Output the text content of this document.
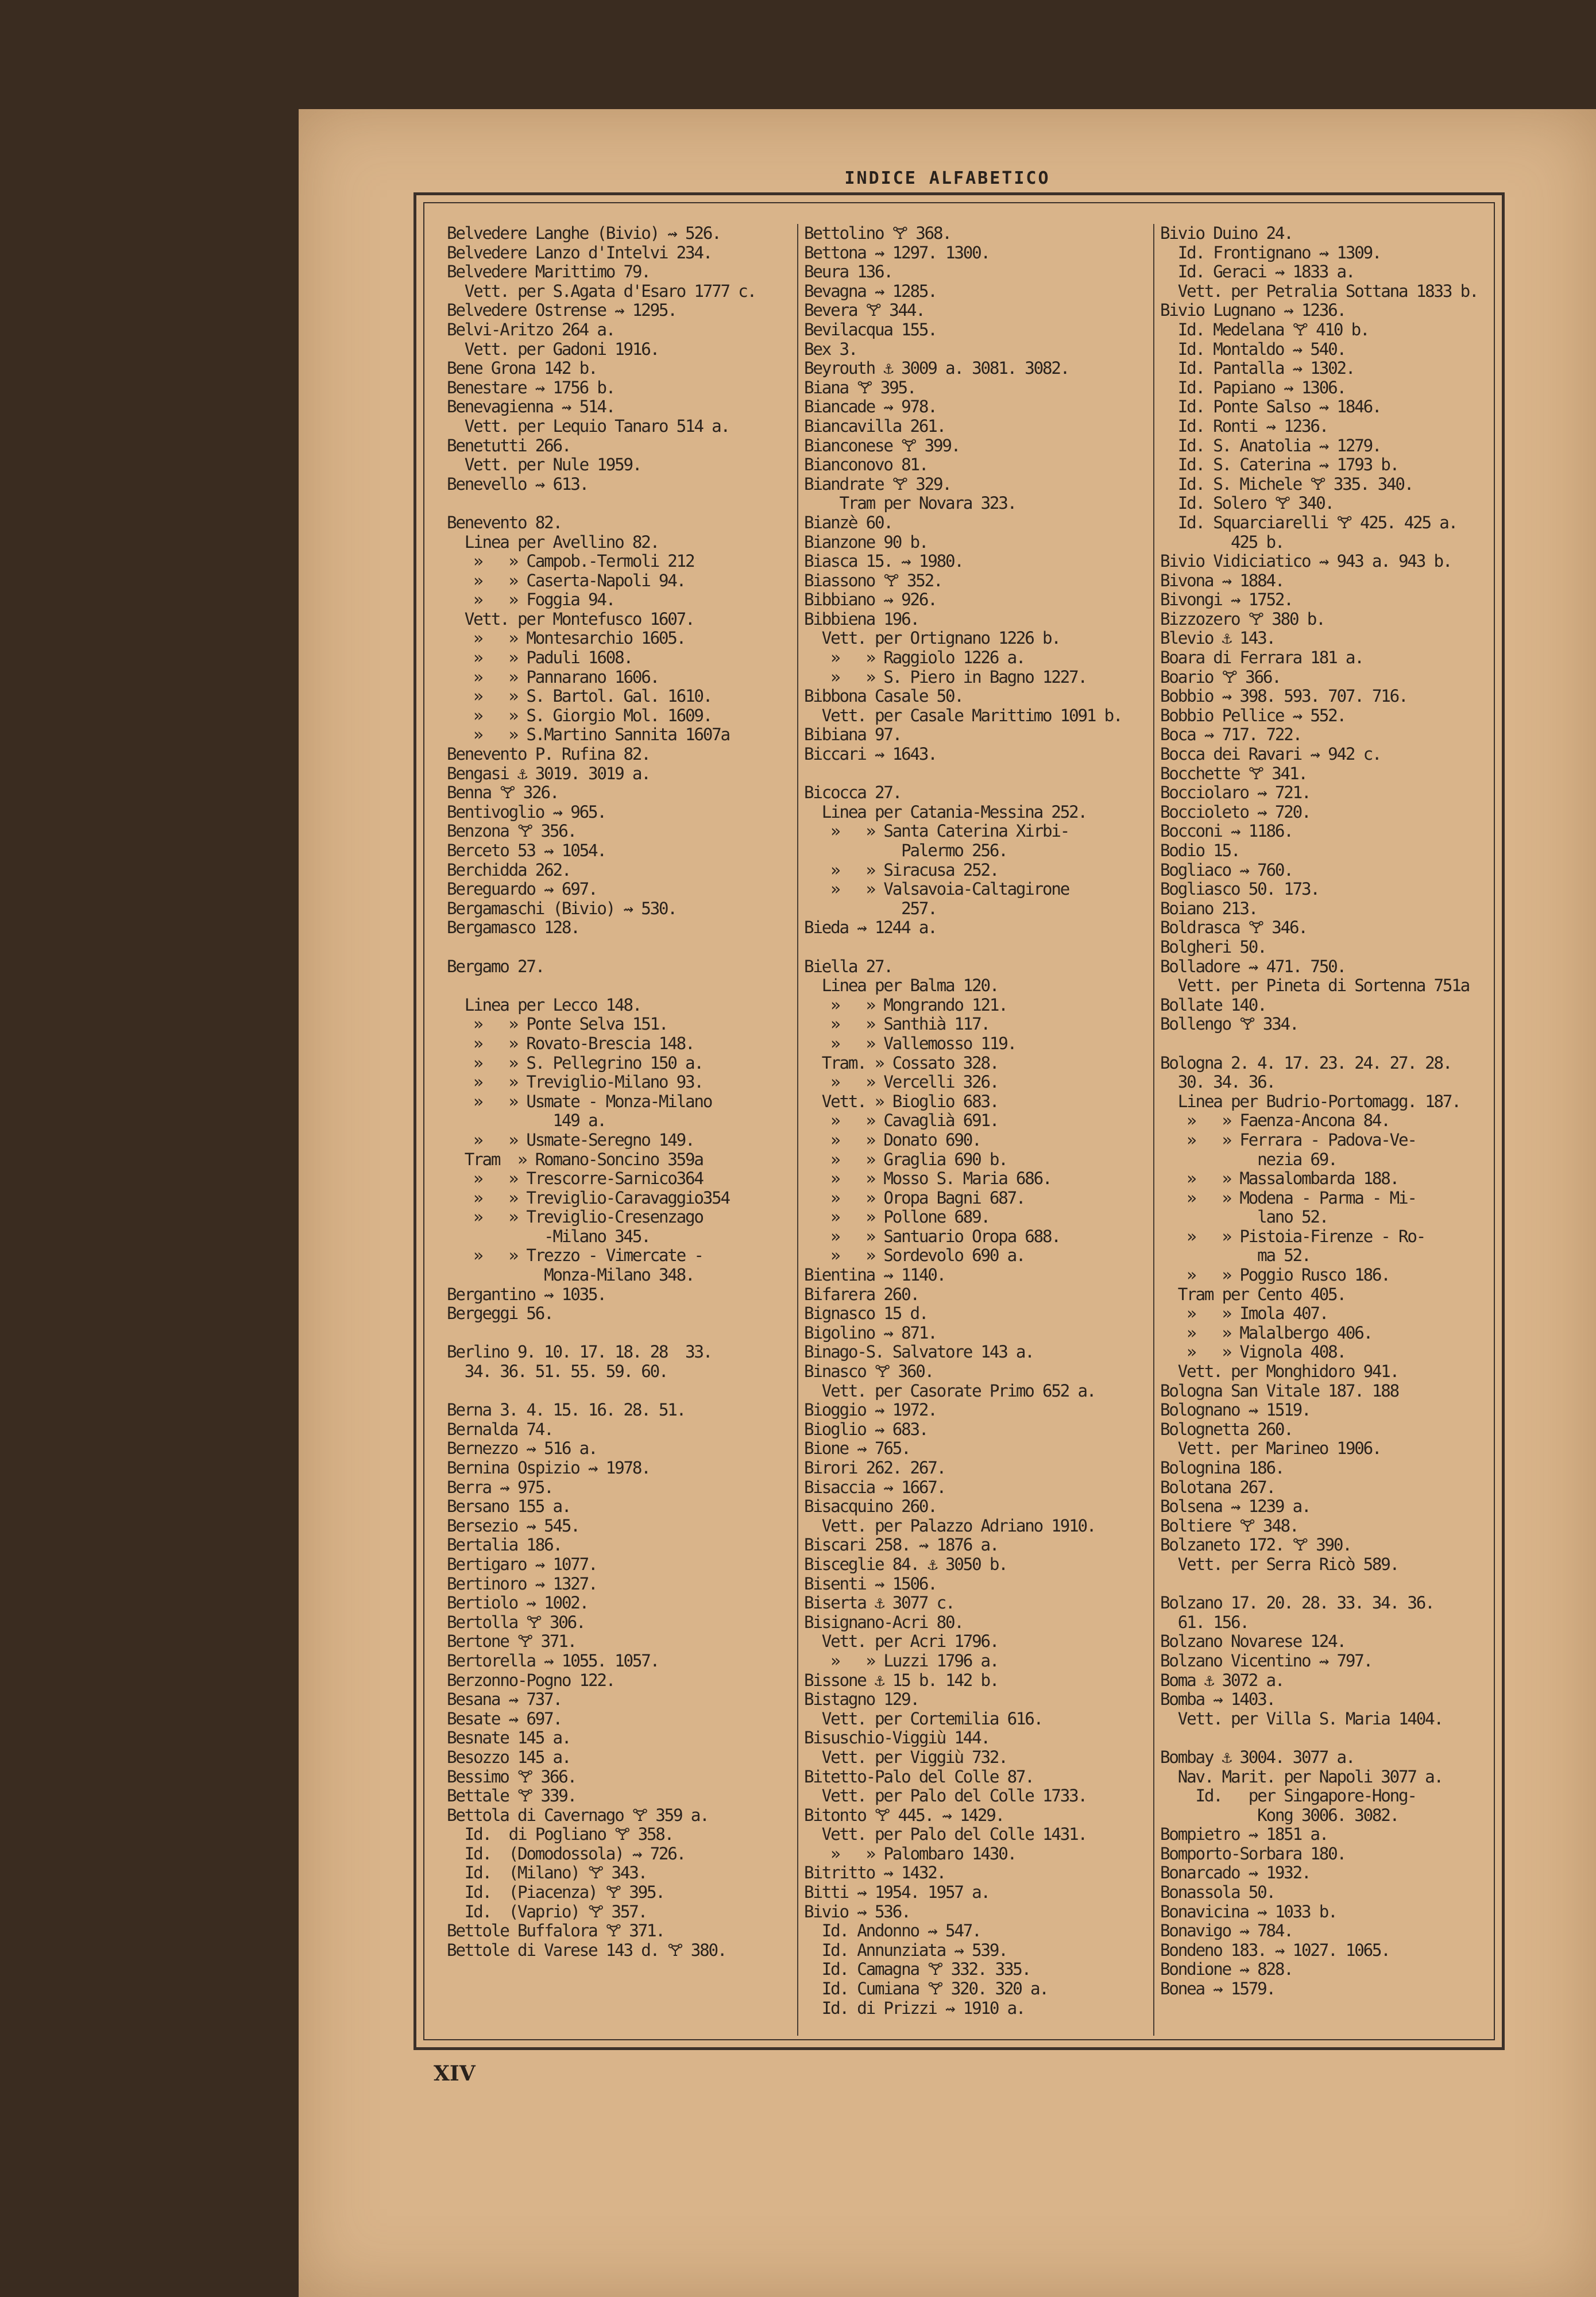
INDICE ALFABETICO
Belvedere Langhe (Bivio) ⇝ 526.
Belvedere Lanzo d'Intelvi 234.
Belvedere Marittimo 79.
Vett. per S.Agata d'Esaro 1777 c.
Belvedere Ostrense ⇝ 1295.
Belvi-Aritzo 264 a.
Vett. per Gadoni 1916.
Bene Grona 142 b.
Benestare ⇝ 1756 b.
Benevagienna ⇝ 514.
Vett. per Lequio Tanaro 514 a.
Benetutti 266.
Vett. per Nule 1959.
Benevello ⇝ 613.
Benevento 82.
Linea per Avellino 82.
»   » Campob.-Termoli 212
»   » Caserta-Napoli 94.
»   » Foggia 94.
Vett. per Montefusco 1607.
»   » Montesarchio 1605.
»   » Paduli 1608.
»   » Pannarano 1606.
»   » S. Bartol. Gal. 1610.
»   » S. Giorgio Mol. 1609.
»   » S.Martino Sannita 1607a
Benevento P. Rufina 82.
Bengasi ⚓ 3019. 3019 a.
Benna 🝖 326.
Bentivoglio ⇝ 965.
Benzona 🝖 356.
Berceto 53 ⇝ 1054.
Berchidda 262.
Bereguardo ⇝ 697.
Bergamaschi (Bivio) ⇝ 530.
Bergamasco 128.
Bergamo 27.
Linea per Lecco 148.
»   » Ponte Selva 151.
»   » Rovato-Brescia 148.
»   » S. Pellegrino 150 a.
»   » Treviglio-Milano 93.
»   » Usmate - Monza-Milano
149 a.
»   » Usmate-Seregno 149.
Tram  » Romano-Soncino 359a
»   » Trescorre-Sarnico364
»   » Treviglio-Caravaggio354
»   » Treviglio-Cresenzago
-Milano 345.
»   » Trezzo - Vimercate -
Monza-Milano 348.
Bergantino ⇝ 1035.
Bergeggi 56.
Berlino 9. 10. 17. 18. 28  33.
34. 36. 51. 55. 59. 60.
Berna 3. 4. 15. 16. 28. 51.
Bernalda 74.
Bernezzo ⇝ 516 a.
Bernina Ospizio ⇝ 1978.
Berra ⇝ 975.
Bersano 155 a.
Bersezio ⇝ 545.
Bertalia 186.
Bertigaro ⇝ 1077.
Bertinoro ⇝ 1327.
Bertiolo ⇝ 1002.
Bertolla 🝖 306.
Bertone 🝖 371.
Bertorella ⇝ 1055. 1057.
Berzonno-Pogno 122.
Besana ⇝ 737.
Besate ⇝ 697.
Besnate 145 a.
Besozzo 145 a.
Bessimo 🝖 366.
Bettale 🝖 339.
Bettola di Cavernago 🝖 359 a.
Id.  di Pogliano 🝖 358.
Id.  (Domodossola) ⇝ 726.
Id.  (Milano) 🝖 343.
Id.  (Piacenza) 🝖 395.
Id.  (Vaprio) 🝖 357.
Bettole Buffalora 🝖 371.
Bettole di Varese 143 d. 🝖 380.
Bettolino 🝖 368.
Bettona ⇝ 1297. 1300.
Beura 136.
Bevagna ⇝ 1285.
Bevera 🝖 344.
Bevilacqua 155.
Bex 3.
Beyrouth ⚓ 3009 a. 3081. 3082.
Biana 🝖 395.
Biancade ⇝ 978.
Biancavilla 261.
Bianconese 🝖 399.
Bianconovo 81.
Biandrate 🝖 329.
Tram per Novara 323.
Bianzè 60.
Bianzone 90 b.
Biasca 15. ⇝ 1980.
Biassono 🝖 352.
Bibbiano ⇝ 926.
Bibbiena 196.
Vett. per Ortignano 1226 b.
»   » Raggiolo 1226 a.
»   » S. Piero in Bagno 1227.
Bibbona Casale 50.
Vett. per Casale Marittimo 1091 b.
Bibiana 97.
Biccari ⇝ 1643.
Bicocca 27.
Linea per Catania-Messina 252.
»   » Santa Caterina Xirbi-
Palermo 256.
»   » Siracusa 252.
»   » Valsavoia-Caltagirone
257.
Bieda ⇝ 1244 a.
Biella 27.
Linea per Balma 120.
»   » Mongrando 121.
»   » Santhià 117.
»   » Vallemosso 119.
Tram. » Cossato 328.
»   » Vercelli 326.
Vett. » Bioglio 683.
»   » Cavaglià 691.
»   » Donato 690.
»   » Graglia 690 b.
»   » Mosso S. Maria 686.
»   » Oropa Bagni 687.
»   » Pollone 689.
»   » Santuario Oropa 688.
»   » Sordevolo 690 a.
Bientina ⇝ 1140.
Bifarera 260.
Bignasco 15 d.
Bigolino ⇝ 871.
Binago-S. Salvatore 143 a.
Binasco 🝖 360.
Vett. per Casorate Primo 652 a.
Bioggio ⇝ 1972.
Bioglio ⇝ 683.
Bione ⇝ 765.
Birori 262. 267.
Bisaccia ⇝ 1667.
Bisacquino 260.
Vett. per Palazzo Adriano 1910.
Biscari 258. ⇝ 1876 a.
Bisceglie 84. ⚓ 3050 b.
Bisenti ⇝ 1506.
Biserta ⚓ 3077 c.
Bisignano-Acri 80.
Vett. per Acri 1796.
»   » Luzzi 1796 a.
Bissone ⚓ 15 b. 142 b.
Bistagno 129.
Vett. per Cortemilia 616.
Bisuschio-Viggiù 144.
Vett. per Viggiù 732.
Bitetto-Palo del Colle 87.
Vett. per Palo del Colle 1733.
Bitonto 🝖 445. ⇝ 1429.
Vett. per Palo del Colle 1431.
»   » Palombaro 1430.
Bitritto ⇝ 1432.
Bitti ⇝ 1954. 1957 a.
Bivio ⇝ 536.
Id. Andonno ⇝ 547.
Id. Annunziata ⇝ 539.
Id. Camagna 🝖 332. 335.
Id. Cumiana 🝖 320. 320 a.
Id. di Prizzi ⇝ 1910 a.
Bivio Duino 24.
Id. Frontignano ⇝ 1309.
Id. Geraci ⇝ 1833 a.
Vett. per Petralia Sottana 1833 b.
Bivio Lugnano ⇝ 1236.
Id. Medelana 🝖 410 b.
Id. Montaldo ⇝ 540.
Id. Pantalla ⇝ 1302.
Id. Papiano ⇝ 1306.
Id. Ponte Salso ⇝ 1846.
Id. Ronti ⇝ 1236.
Id. S. Anatolia ⇝ 1279.
Id. S. Caterina ⇝ 1793 b.
Id. S. Michele 🝖 335. 340.
Id. Solero 🝖 340.
Id. Squarciarelli 🝖 425. 425 a.
425 b.
Bivio Vidiciatico ⇝ 943 a. 943 b.
Bivona ⇝ 1884.
Bivongi ⇝ 1752.
Bizzozero 🝖 380 b.
Blevio ⚓ 143.
Boara di Ferrara 181 a.
Boario 🝖 366.
Bobbio ⇝ 398. 593. 707. 716.
Bobbio Pellice ⇝ 552.
Boca ⇝ 717. 722.
Bocca dei Ravari ⇝ 942 c.
Bocchette 🝖 341.
Bocciolaro ⇝ 721.
Boccioleto ⇝ 720.
Bocconi ⇝ 1186.
Bodio 15.
Bogliaco ⇝ 760.
Bogliasco 50. 173.
Boiano 213.
Boldrasca 🝖 346.
Bolgheri 50.
Bolladore ⇝ 471. 750.
Vett. per Pineta di Sortenna 751a
Bollate 140.
Bollengo 🝖 334.
Bologna 2. 4. 17. 23. 24. 27. 28.
30. 34. 36.
Linea per Budrio-Portomagg. 187.
»   » Faenza-Ancona 84.
»   » Ferrara - Padova-Ve-
nezia 69.
»   » Massalombarda 188.
»   » Modena - Parma - Mi-
lano 52.
»   » Pistoia-Firenze - Ro-
ma 52.
»   » Poggio Rusco 186.
Tram per Cento 405.
»   » Imola 407.
»   » Malalbergo 406.
»   » Vignola 408.
Vett. per Monghidoro 941.
Bologna San Vitale 187. 188
Bolognano ⇝ 1519.
Bolognetta 260.
Vett. per Marineo 1906.
Bolognina 186.
Bolotana 267.
Bolsena ⇝ 1239 a.
Boltiere 🝖 348.
Bolzaneto 172. 🝖 390.
Vett. per Serra Ricò 589.
Bolzano 17. 20. 28. 33. 34. 36.
61. 156.
Bolzano Novarese 124.
Bolzano Vicentino ⇝ 797.
Boma ⚓ 3072 a.
Bomba ⇝ 1403.
Vett. per Villa S. Maria 1404.
Bombay ⚓ 3004. 3077 a.
Nav. Marit. per Napoli 3077 a.
Id.   per Singapore-Hong-
Kong 3006. 3082.
Bompietro ⇝ 1851 a.
Bomporto-Sorbara 180.
Bonarcado ⇝ 1932.
Bonassola 50.
Bonavicina ⇝ 1033 b.
Bonavigo ⇝ 784.
Bondeno 183. ⇝ 1027. 1065.
Bondione ⇝ 828.
Bonea ⇝ 1579.
XIV
